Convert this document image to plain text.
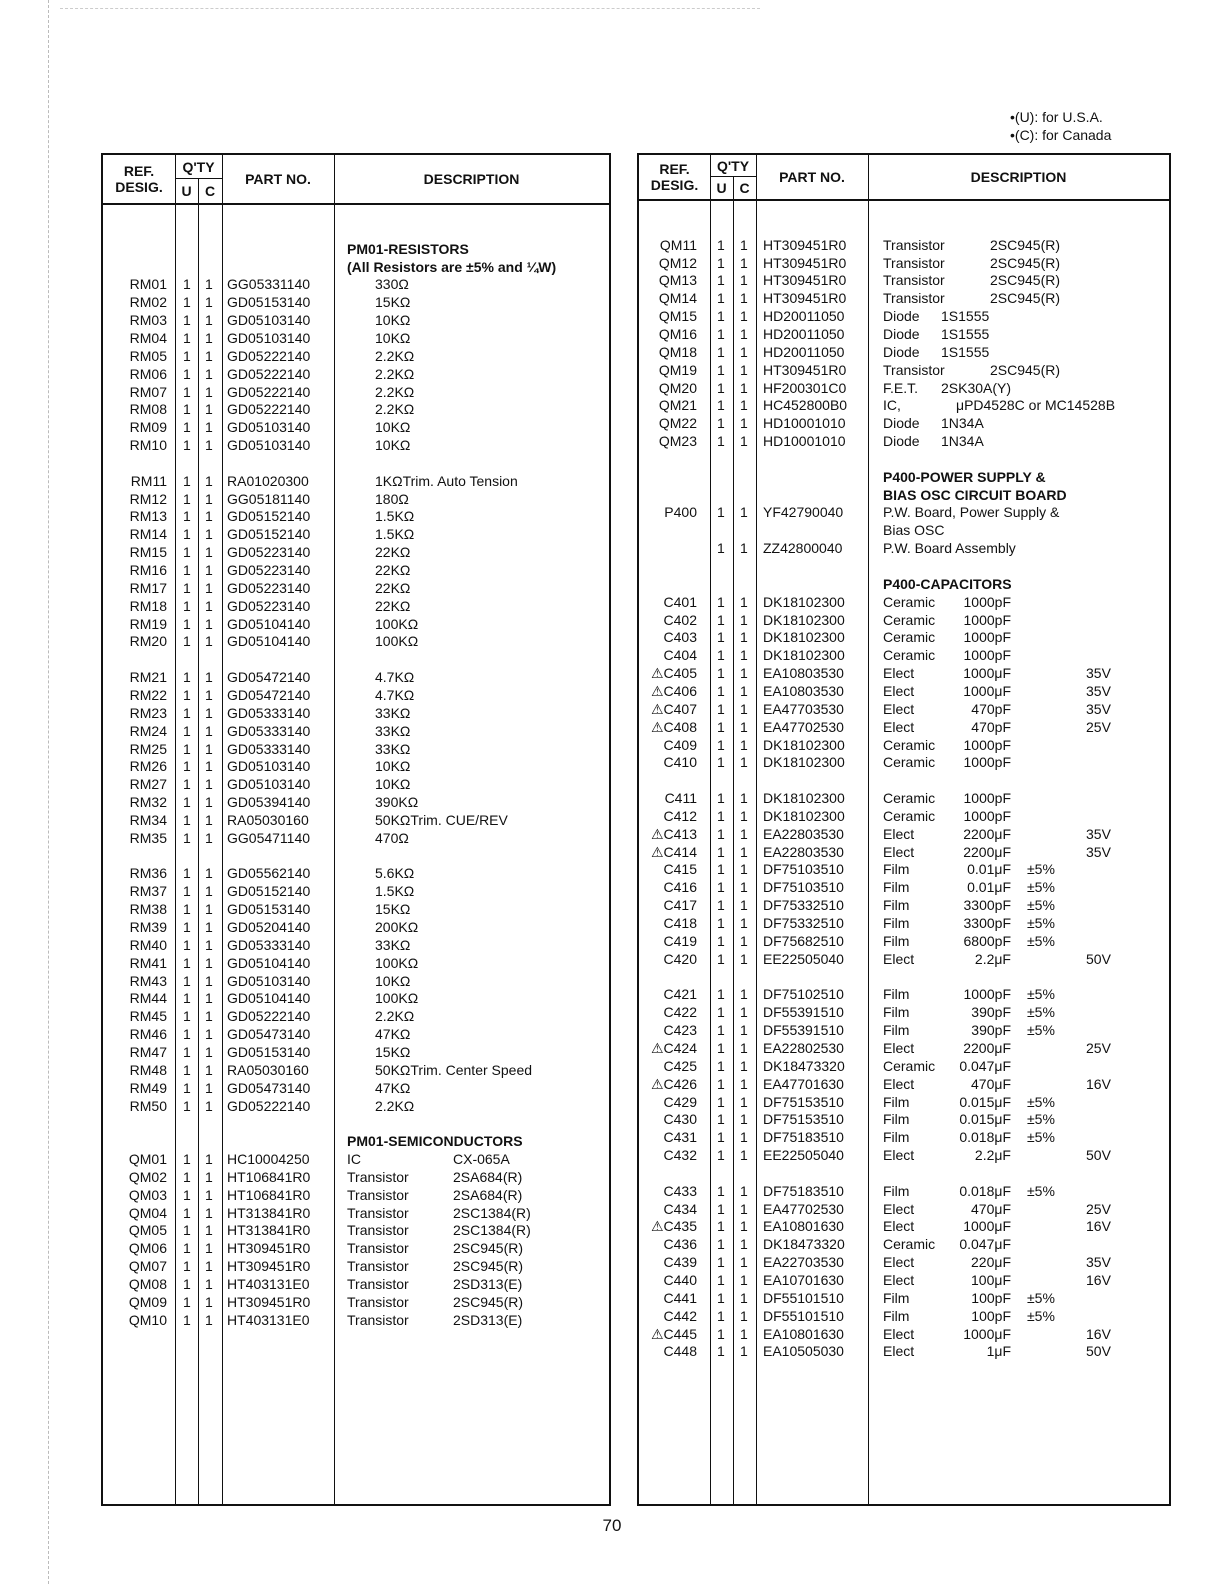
•(U): for U.S.A.
•(C): for Canada
REF.
DESIG.
Q'TY
U C
PART NO.	DESCRIPTION
PM01-RESISTORS
(All Resistors are ±5% and ¼W)
RM01 1 1 GG05331140	330Ω
RM02 1 1 GD05153140	15KΩ
RM03 1 1 GD05103140	10KΩ
RM04 1 1 GD05103140	10KΩ
RM05 1 1 GD05222140	2.2KΩ
RM06 1 1 GD05222140	2.2KΩ
RM07 1 1 GD05222140	2.2KΩ
RM08 1 1 GD05222140	2.2KΩ
RM09 1 1 GD05103140	10KΩ
RM10 1 1 GD05103140	10KΩ
RM11 1 1 RA01020300	1KΩTrim. Auto Tension
RM12 1 1 GG05181140	180Ω
RM13 1 1 GD05152140	1.5KΩ
RM14 1 1 GD05152140	1.5KΩ
RM15 1 1 GD05223140	22KΩ
RM16 1 1 GD05223140	22KΩ
RM17 1 1 GD05223140	22KΩ
RM18 1 1 GD05223140	22KΩ
RM19 1 1 GD05104140	100KΩ
RM20 1 1 GD05104140	100KΩ
RM21 1 1 GD05472140	4.7KΩ
RM22 1 1 GD05472140	4.7KΩ
RM23 1 1 GD05333140	33KΩ
RM24 1 1 GD05333140	33KΩ
RM25 1 1 GD05333140	33KΩ
RM26 1 1 GD05103140	10KΩ
RM27 1 1 GD05103140	10KΩ
RM32 1 1 GD05394140	390KΩ
RM34 1 1 RA05030160	50KΩTrim. CUE/REV
RM35 1 1 GG05471140	470Ω
RM36 1 1 GD05562140	5.6KΩ
RM37 1 1 GD05152140	1.5KΩ
RM38 1 1 GD05153140	15KΩ
RM39 1 1 GD05204140	200KΩ
RM40 1 1 GD05333140	33KΩ
RM41 1 1 GD05104140	100KΩ
RM43 1 1 GD05103140	10KΩ
RM44 1 1 GD05104140	100KΩ
RM45 1 1 GD05222140	2.2KΩ
RM46 1 1 GD05473140	47KΩ
RM47 1 1 GD05153140	15KΩ
RM48 1 1 RA05030160	50KΩTrim. Center Speed
RM49 1 1 GD05473140	47KΩ
RM50 1 1 GD05222140	2.2KΩ
PM01-SEMICONDUCTORS
QM01 1 1 HC10004250	IC	CX-065A
QM02 1 1 HT106841R0	Transistor	2SA684(R)
QM03 1 1 HT106841R0	Transistor	2SA684(R)
QM04 1 1 HT313841R0	Transistor	2SC1384(R)
QM05 1 1 HT313841R0	Transistor	2SC1384(R)
QM06 1 1 HT309451R0	Transistor	2SC945(R)
QM07 1 1 HT309451R0	Transistor	2SC945(R)
QM08 1 1 HT403131E0	Transistor	2SD313(E)
QM09 1 1 HT309451R0	Transistor	2SC945(R)
QM10 1 1 HT403131E0	Transistor	2SD313(E)
REF.
DESIG.
Q'TY
U C
PART NO.	DESCRIPTION
QM11 1 1 HT309451R0	Transistor	2SC945(R)
QM12 1 1 HT309451R0	Transistor	2SC945(R)
QM13 1 1 HT309451R0	Transistor	2SC945(R)
QM14 1 1 HT309451R0	Transistor	2SC945(R)
QM15 1 1 HD20011050	Diode 1S1555
QM16 1 1 HD20011050	Diode 1S1555
QM18 1 1 HD20011050	Diode 1S1555
QM19 1 1 HT309451R0	Transistor	2SC945(R)
QM20 1 1 HF200301C0	F.E.T. 2SK30A(Y)
QM21 1 1 HC452800B0	IC,	μPD4528C or MC14528B
QM22 1 1 HD10001010	Diode 1N34A
QM23 1 1 HD10001010	Diode 1N34A
P400-POWER SUPPLY &
BIAS OSC CIRCUIT BOARD
P400 1 1 YF42790040	P.W. Board, Power Supply &
Bias OSC
1 1 ZZ42800040	P.W. Board Assembly
P400-CAPACITORS
C401 1 1 DK18102300	Ceramic	1000pF
C402 1 1 DK18102300	Ceramic	1000pF
C403 1 1 DK18102300	Ceramic	1000pF
C404 1 1 DK18102300	Ceramic	1000pF
⚠C405 1 1 EA10803530	Elect	1000μF	35V
⚠C406 1 1 EA10803530	Elect	1000μF	35V
⚠C407 1 1 EA47703530	Elect	470pF	35V
⚠C408 1 1 EA47702530	Elect	470pF	25V
C409 1 1 DK18102300	Ceramic	1000pF
C410 1 1 DK18102300	Ceramic	1000pF
C411 1 1 DK18102300	Ceramic	1000pF
C412 1 1 DK18102300	Ceramic	1000pF
⚠C413 1 1 EA22803530	Elect	2200μF	35V
⚠C414 1 1 EA22803530	Elect	2200μF	35V
C415 1 1 DF75103510	Film	0.01μF ±5%
C416 1 1 DF75103510	Film	0.01μF ±5%
C417 1 1 DF75332510	Film	3300pF ±5%
C418 1 1 DF75332510	Film	3300pF ±5%
C419 1 1 DF75682510	Film	6800pF ±5%
C420 1 1 EE22505040	Elect	2.2μF	50V
C421 1 1 DF75102510	Film	1000pF ±5%
C422 1 1 DF55391510	Film	390pF ±5%
C423 1 1 DF55391510	Film	390pF ±5%
⚠C424 1 1 EA22802530	Elect	2200μF	25V
C425 1 1 DK18473320	Ceramic	0.047μF
⚠C426 1 1 EA47701630	Elect	470μF	16V
C429 1 1 DF75153510	Film	0.015μF ±5%
C430 1 1 DF75153510	Film	0.015μF ±5%
C431 1 1 DF75183510	Film	0.018μF ±5%
C432 1 1 EE22505040	Elect	2.2μF	50V
C433 1 1 DF75183510	Film	0.018μF ±5%
C434 1 1 EA47702530	Elect	470μF	25V
⚠C435 1 1 EA10801630	Elect	1000μF	16V
C436 1 1 DK18473320	Ceramic	0.047μF
C439 1 1 EA22703530	Elect	220μF	35V
C440 1 1 EA10701630	Elect	100μF	16V
C441 1 1 DF55101510	Film	100pF ±5%
C442 1 1 DF55101510	Film	100pF ±5%
⚠C445 1 1 EA10801630	Elect	1000μF	16V
C448 1 1 EA10505030	Elect	1μF	50V
70
